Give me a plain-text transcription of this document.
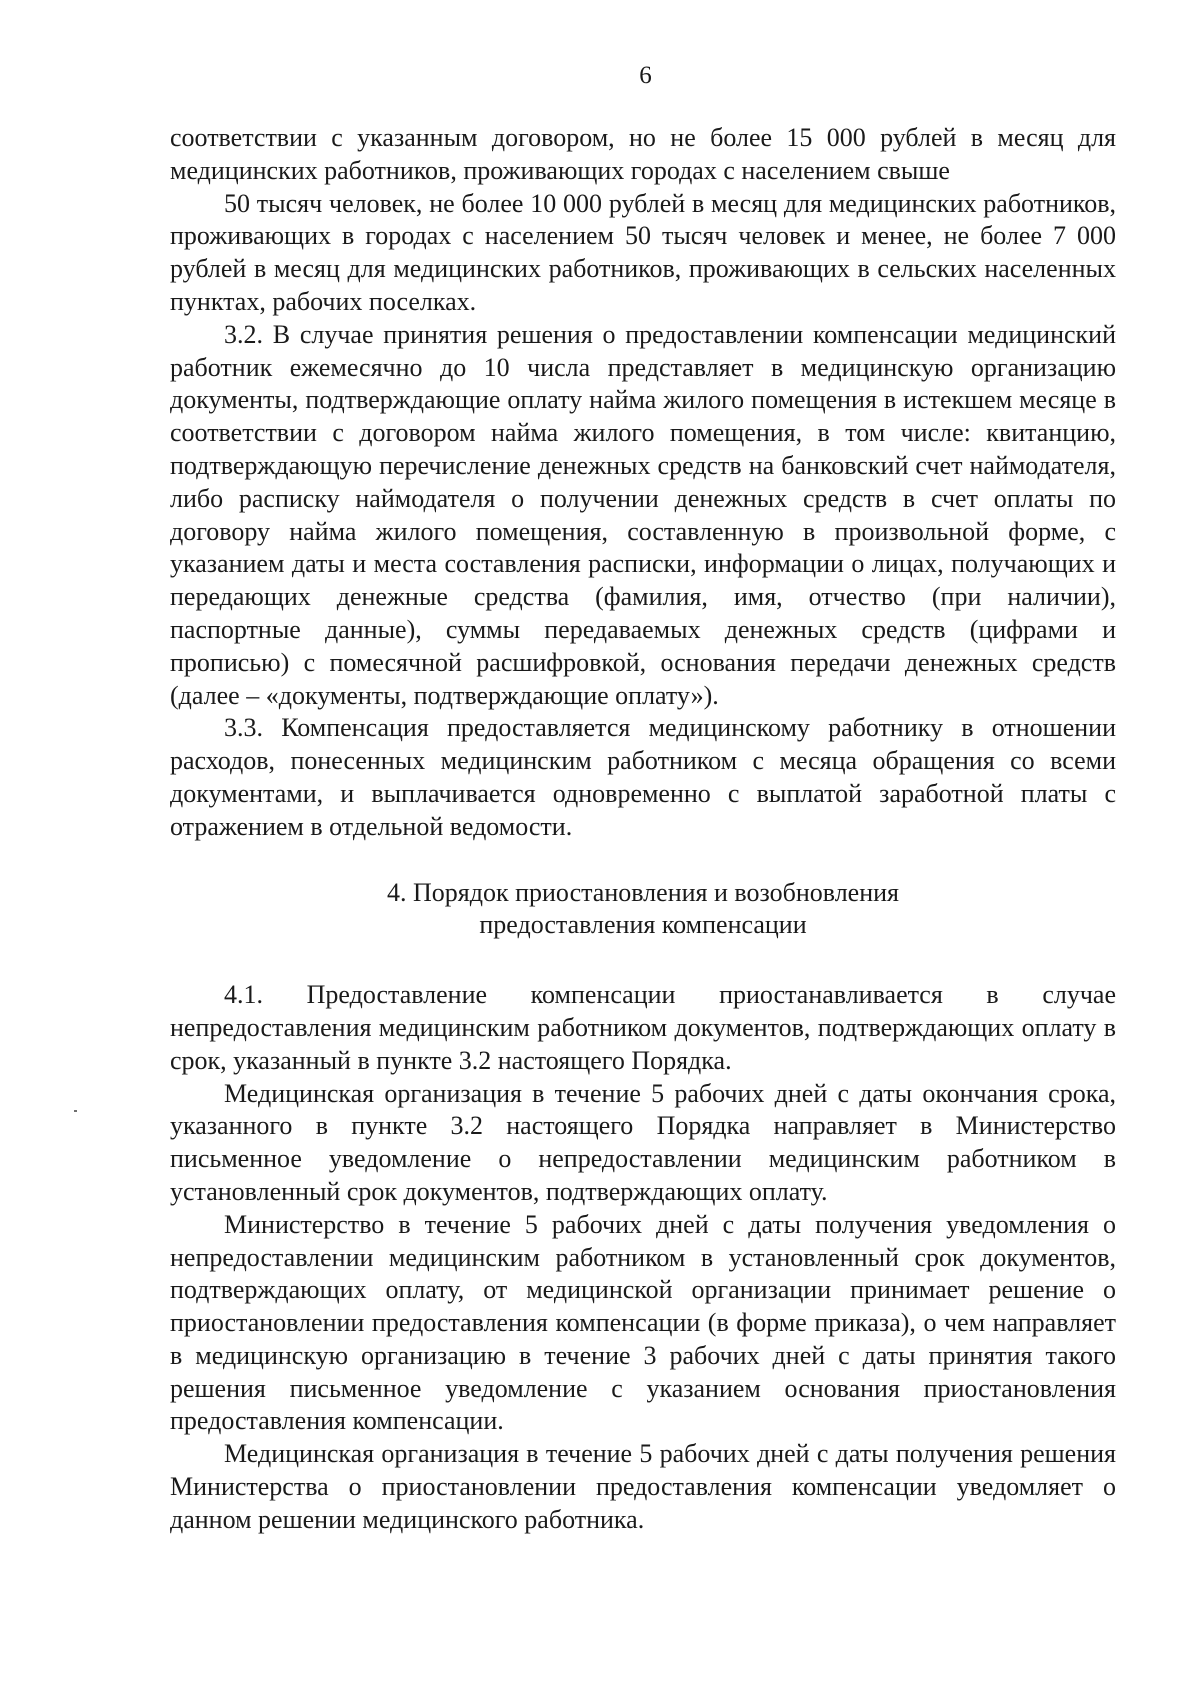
6

соответствии с указанным договором, но не более 15 000 рублей в месяц для медицинских работников, проживающих городах с населением свыше

50 тысяч человек, не более 10 000 рублей в месяц для медицинских работников, проживающих в городах с населением 50 тысяч человек и менее, не более 7 000 рублей в месяц для медицинских работников, проживающих в сельских населенных пунктах, рабочих поселках.

3.2. В случае принятия решения о предоставлении компенсации медицинский работник ежемесячно до 10 числа представляет в медицинскую организацию документы, подтверждающие оплату найма жилого помещения в истекшем месяце в соответствии с договором найма жилого помещения, в том числе: квитанцию, подтверждающую перечисление денежных средств на банковский счет наймодателя, либо расписку наймодателя о получении денежных средств в счет оплаты по договору найма жилого помещения, составленную в произвольной форме, с указанием даты и места составления расписки, информации о лицах, получающих и передающих денежные средства (фамилия, имя, отчество (при наличии), паспортные данные), суммы передаваемых денежных средств (цифрами и прописью) с помесячной расшифровкой, основания передачи денежных средств (далее – «документы, подтверждающие оплату»).

3.3. Компенсация предоставляется медицинскому работнику в отношении расходов, понесенных медицинским работником с месяца обращения со всеми документами, и выплачивается одновременно с выплатой заработной платы с отражением в отдельной ведомости.

4. Порядок приостановления и возобновления
предоставления компенсации

4.1. Предоставление компенсации приостанавливается в случае непредоставления медицинским работником документов, подтверждающих оплату в срок, указанный в пункте 3.2 настоящего Порядка.

Медицинская организация в течение 5 рабочих дней с даты окончания срока, указанного в пункте 3.2 настоящего Порядка направляет в Министерство письменное уведомление о непредоставлении медицинским работником в установленный срок документов, подтверждающих оплату.

Министерство в течение 5 рабочих дней с даты получения уведомления о непредоставлении медицинским работником в установленный срок документов, подтверждающих оплату, от медицинской организации принимает решение о приостановлении предоставления компенсации (в форме приказа), о чем направляет в медицинскую организацию в течение 3 рабочих дней с даты принятия такого решения письменное уведомление с указанием основания приостановления предоставления компенсации.

Медицинская организация в течение 5 рабочих дней с даты получения решения Министерства о приостановлении предоставления компенсации уведомляет о данном решении медицинского работника.
